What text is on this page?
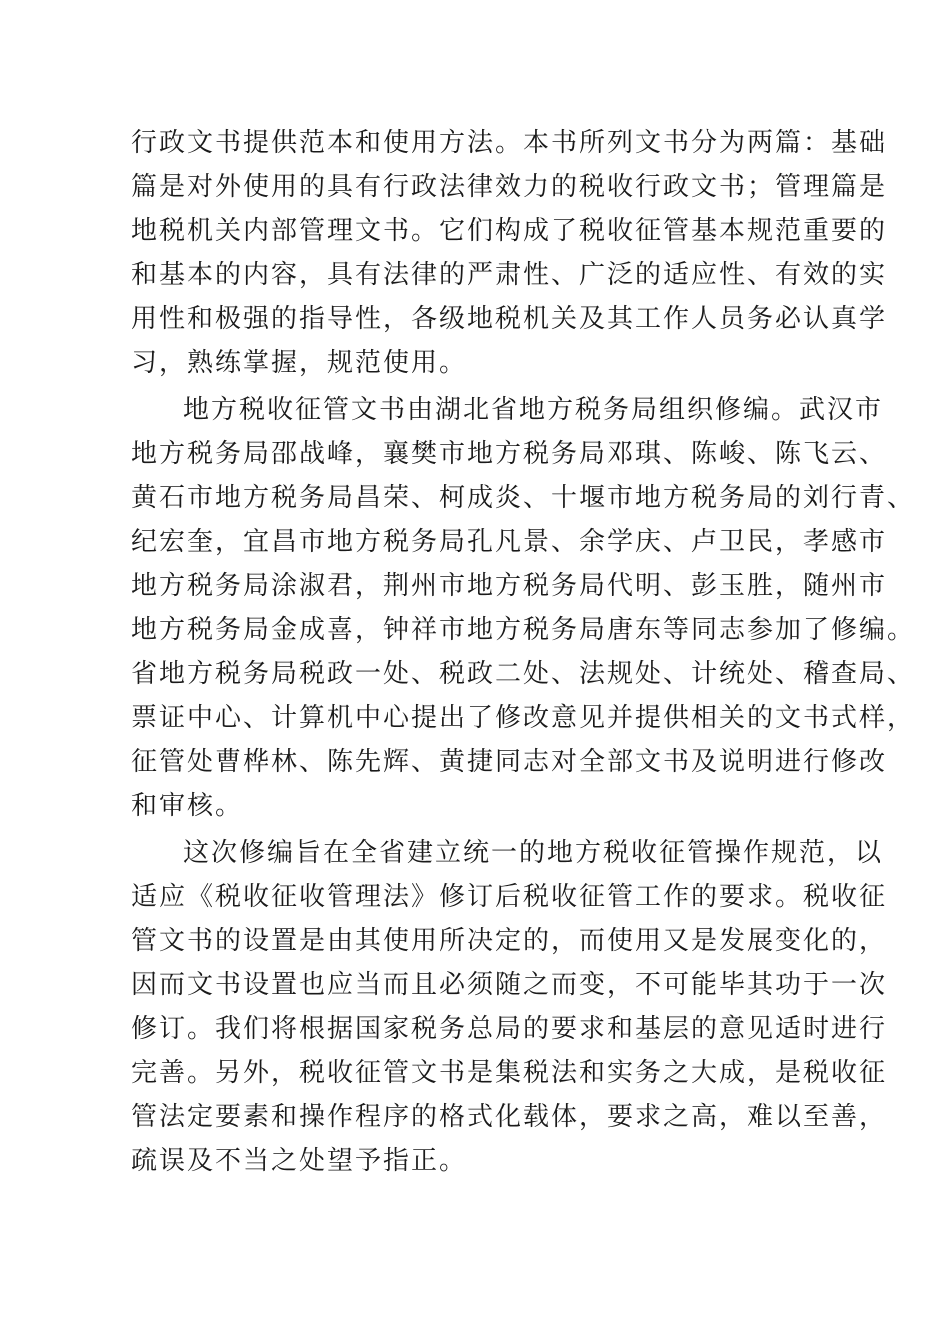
行政文书提供范本和使用方法。本书所列文书分为两篇：基础
篇是对外使用的具有行政法律效力的税收行政文书；管理篇是
地税机关内部管理文书。它们构成了税收征管基本规范重要的
和基本的内容，具有法律的严肃性、广泛的适应性、有效的实
用性和极强的指导性，各级地税机关及其工作人员务必认真学
习，熟练掌握，规范使用。
地方税收征管文书由湖北省地方税务局组织修编。武汉市
地方税务局邵战峰，襄樊市地方税务局邓琪、陈峻、陈飞云、
黄石市地方税务局昌荣、柯成炎、十堰市地方税务局的刘行青、
纪宏奎，宜昌市地方税务局孔凡景、余学庆、卢卫民，孝感市
地方税务局涂淑君，荆州市地方税务局代明、彭玉胜，随州市
地方税务局金成喜，钟祥市地方税务局唐东等同志参加了修编。
省地方税务局税政一处、税政二处、法规处、计统处、稽查局、
票证中心、计算机中心提出了修改意见并提供相关的文书式样，
征管处曹桦林、陈先辉、黄捷同志对全部文书及说明进行修改
和审核。
这次修编旨在全省建立统一的地方税收征管操作规范，以
适应《税收征收管理法》修订后税收征管工作的要求。税收征
管文书的设置是由其使用所决定的，而使用又是发展变化的，
因而文书设置也应当而且必须随之而变，不可能毕其功于一次
修订。我们将根据国家税务总局的要求和基层的意见适时进行
完善。另外，税收征管文书是集税法和实务之大成，是税收征
管法定要素和操作程序的格式化载体，要求之高，难以至善，
疏误及不当之处望予指正。
